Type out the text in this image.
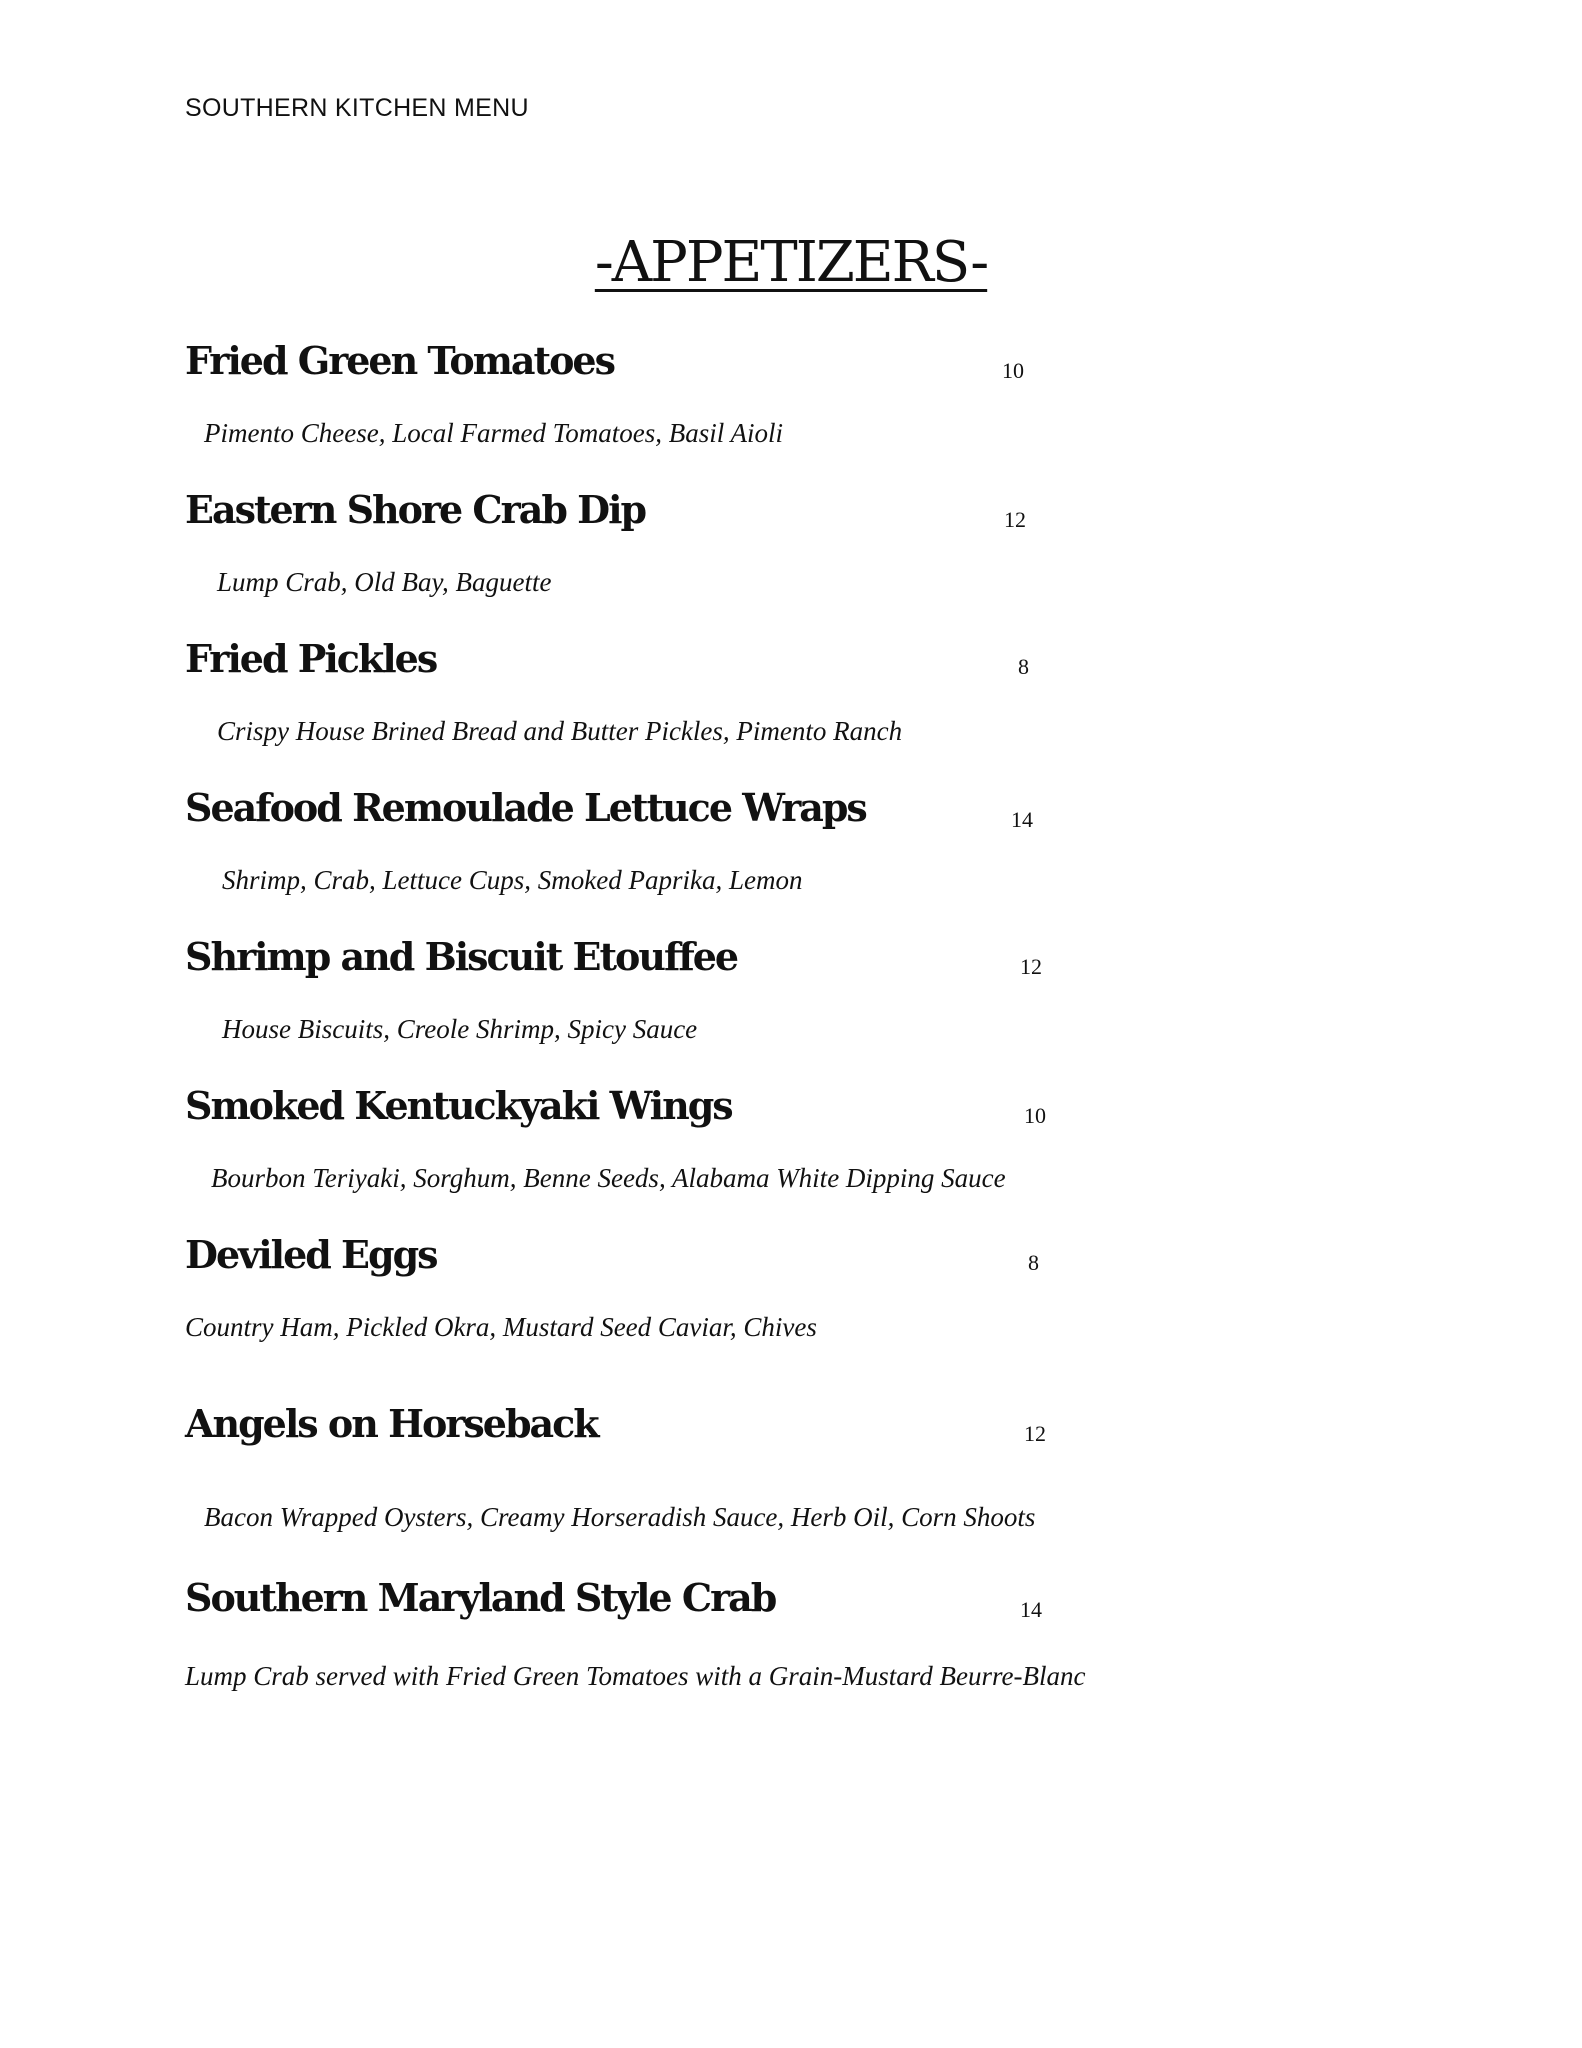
SOUTHERN KITCHEN MENU
-APPETIZERS-
Fried Green Tomatoes	10
Pimento Cheese, Local Farmed Tomatoes, Basil Aioli
Eastern Shore Crab Dip	12
Lump Crab, Old Bay, Baguette
Fried Pickles	8
Crispy House Brined Bread and Butter Pickles, Pimento Ranch
Seafood Remoulade Lettuce Wraps	14
Shrimp, Crab, Lettuce Cups, Smoked Paprika, Lemon
Shrimp and Biscuit Etouffee	12
House Biscuits, Creole Shrimp, Spicy Sauce
Smoked Kentuckyaki Wings	10
Bourbon Teriyaki, Sorghum, Benne Seeds, Alabama White Dipping Sauce
Deviled Eggs	8
Country Ham, Pickled Okra, Mustard Seed Caviar, Chives
Angels on Horseback	12
Bacon Wrapped Oysters, Creamy Horseradish Sauce, Herb Oil, Corn Shoots
Southern Maryland Style Crab	14
Lump Crab served with Fried Green Tomatoes with a Grain-Mustard Beurre-Blanc
